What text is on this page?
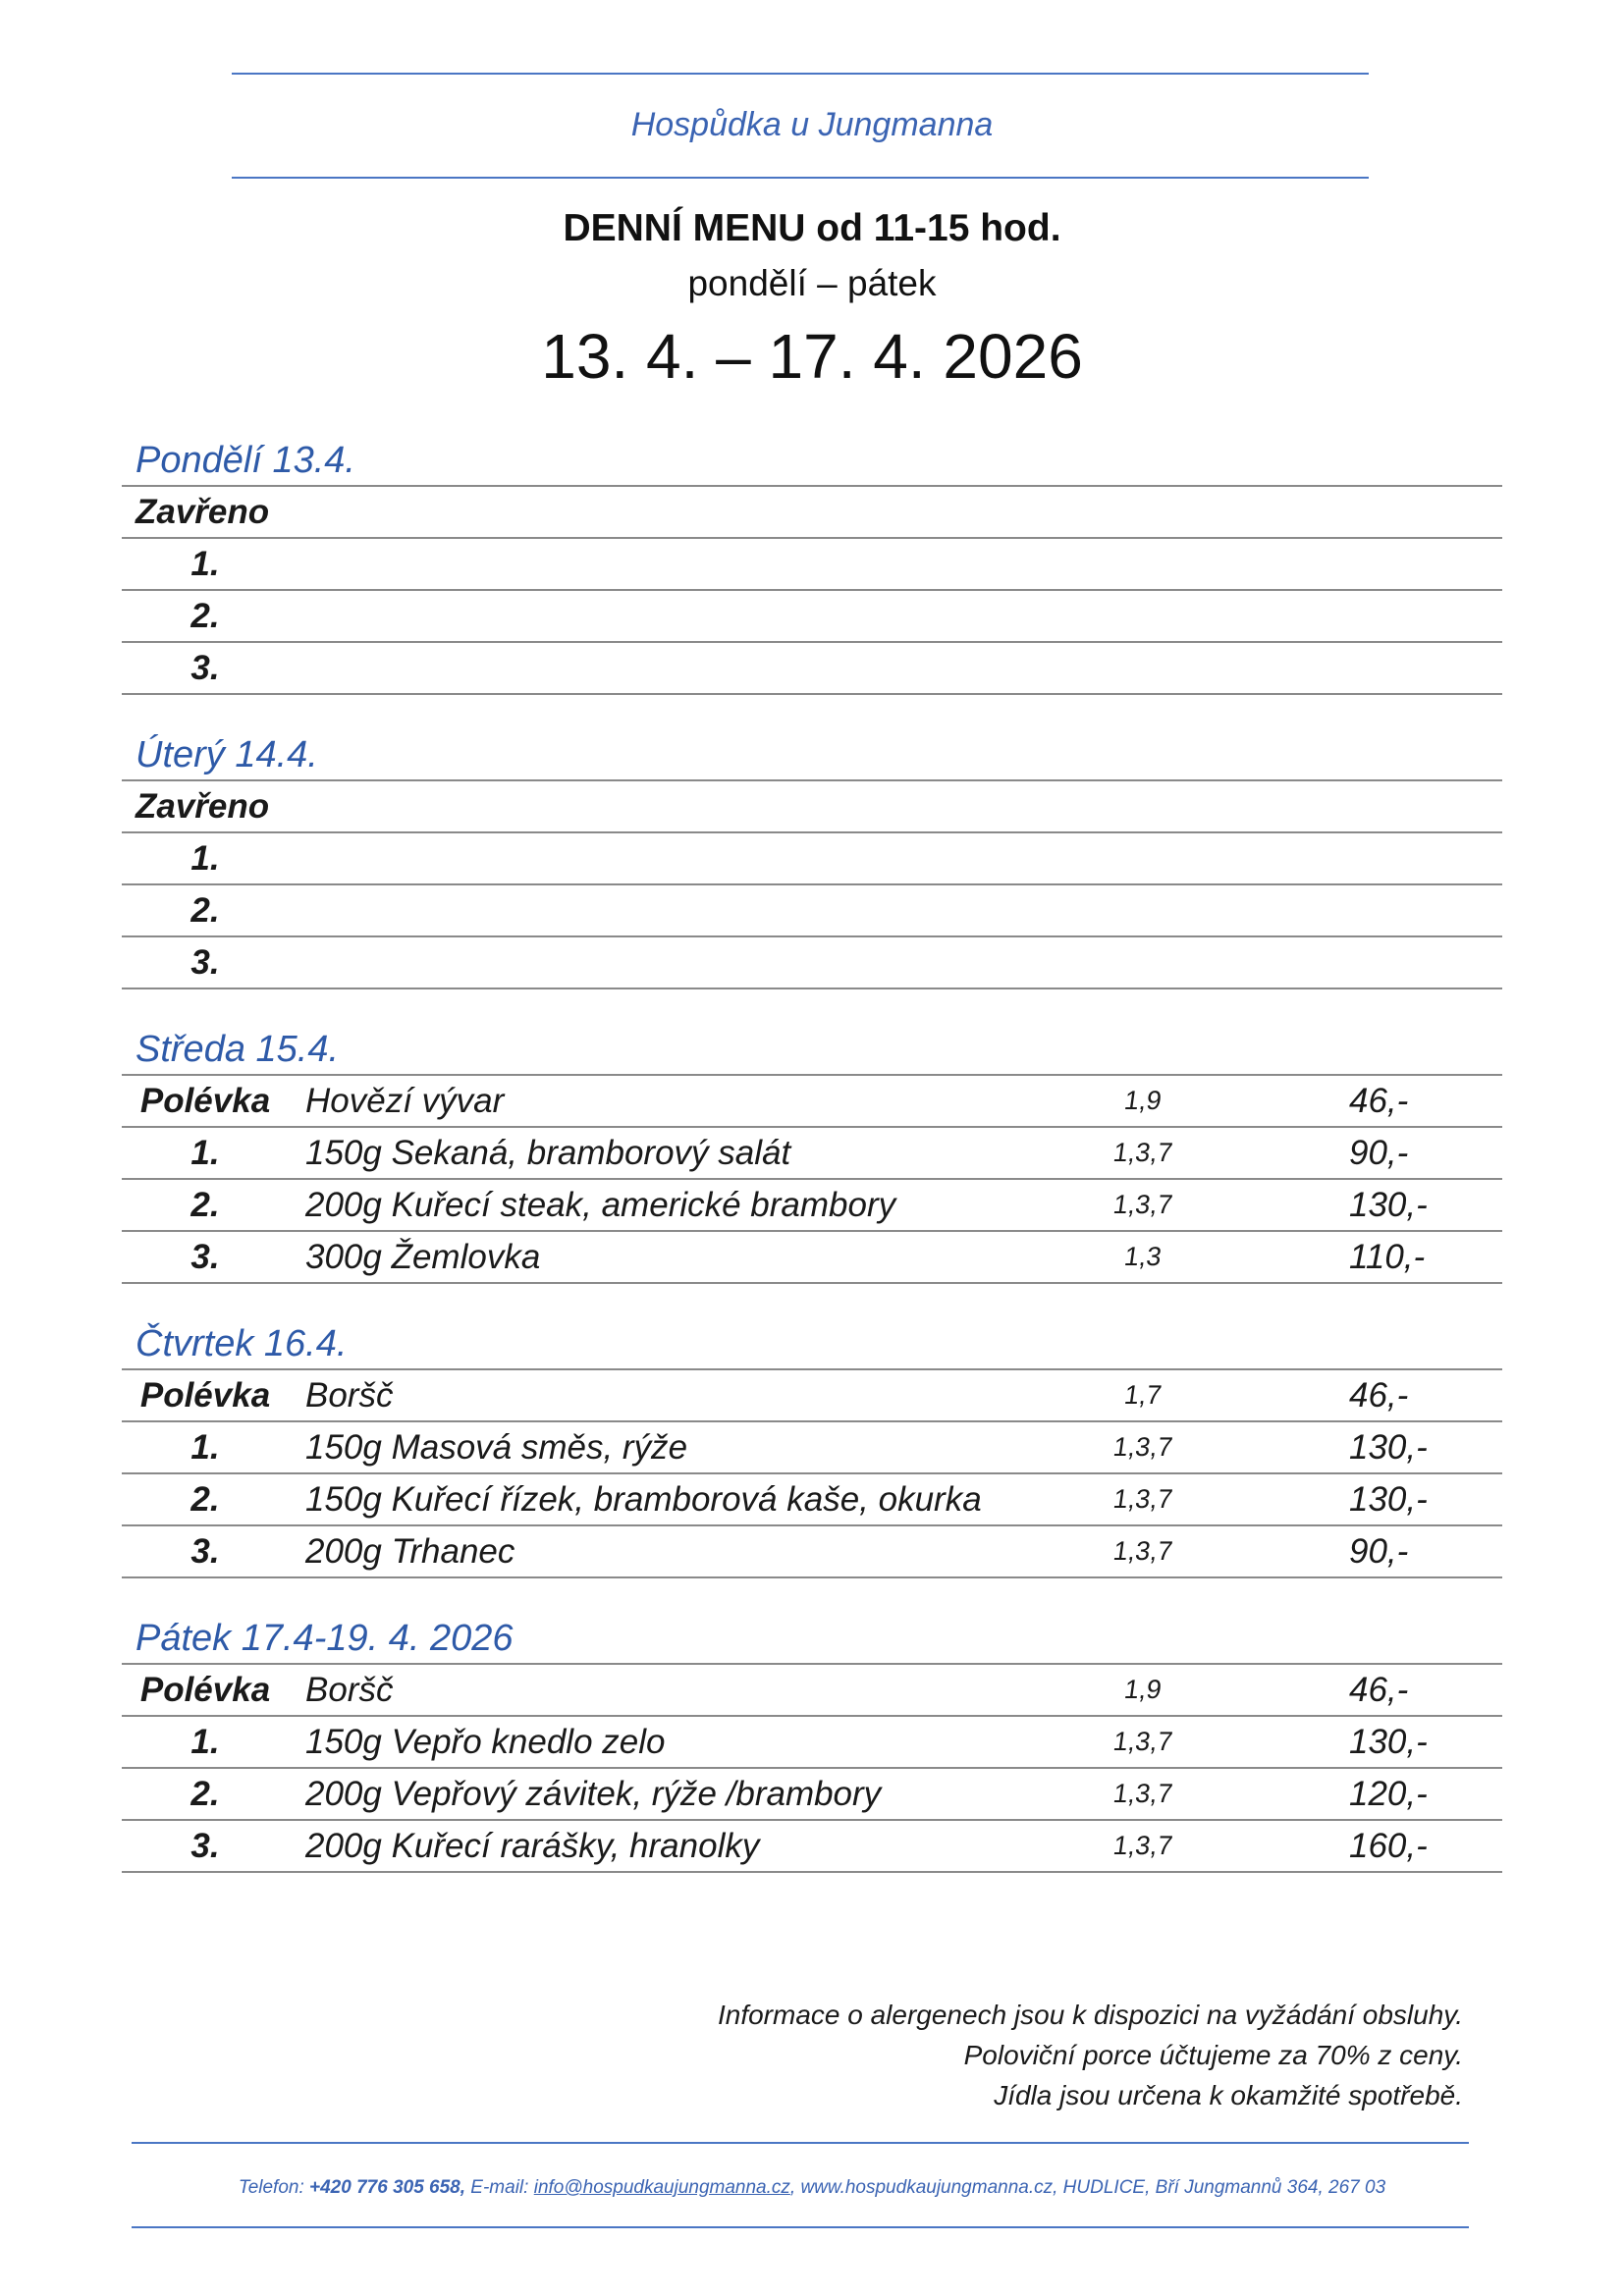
Hospůdka u Jungmanna
DENNÍ MENU od 11-15 hod.
pondělí – pátek
13. 4. – 17. 4. 2026
Pondělí 13.4.
Zavřeno
1.
2.
3.
Úterý 14.4.
Zavřeno
1.
2.
3.
Středa 15.4.
Polévka	Hovězí vývar	1,9	46,-
1.	150g Sekaná, bramborový salát	1,3,7	90,-
2.	200g Kuřecí steak, americké brambory	1,3,7	130,-
3.	300g Žemlovka	1,3	110,-
Čtvrtek 16.4.
Polévka	Boršč	1,7	46,-
1.	150g Masová směs, rýže	1,3,7	130,-
2.	150g Kuřecí řízek, bramborová kaše, okurka	1,3,7	130,-
3.	200g Trhanec	1,3,7	90,-
Pátek 17.4-19. 4. 2026
Polévka	Boršč	1,9	46,-
1.	150g Vepřo knedlo zelo	1,3,7	130,-
2.	200g Vepřový závitek, rýže /brambory	1,3,7	120,-
3.	200g Kuřecí rarášky, hranolky	1,3,7	160,-
Informace o alergenech jsou k dispozici na vyžádání obsluhy.
Poloviční porce účtujeme za 70% z ceny.
Jídla jsou určena k okamžité spotřebě.
Telefon: +420 776 305 658, E-mail: info@hospudkaujungmanna.cz, www.hospudkaujungmanna.cz, HUDLICE, Bří Jungmannů 364, 267 03
